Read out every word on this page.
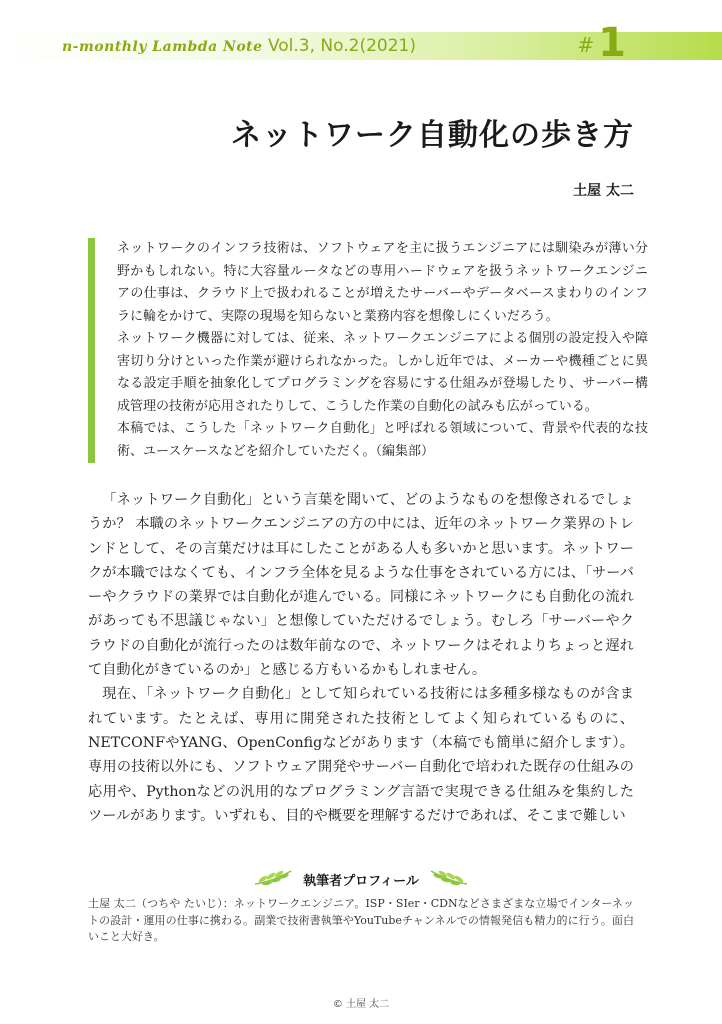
n-monthly Lambda Note Vol.3, No.2(2021)	# 1
ネットワーク自動化の歩き方
土屋 太二

ネットワークのインフラ技術は、ソフトウェアを主に扱うエンジニアには馴染みが薄い分野かもしれない。特に大容量ルータなどの専用ハードウェアを扱うネットワークエンジニアの仕事は、クラウド上で扱われることが増えたサーバーやデータベースまわりのインフラに輪をかけて、実際の現場を知らないと業務内容を想像しにくいだろう。

ネットワーク機器に対しては、従来、ネットワークエンジニアによる個別の設定投入や障害切り分けといった作業が避けられなかった。しかし近年では、メーカーや機種ごとに異なる設定手順を抽象化してプログラミングを容易にする仕組みが登場したり、サーバー構成管理の技術が応用されたりして、こうした作業の自動化の試みも広がっている。

本稿では、こうした「ネットワーク自動化」と呼ばれる領域について、背景や代表的な技術、ユースケースなどを紹介していただく。（編集部）

「ネットワーク自動化」という言葉を聞いて、どのようなものを想像されるでしょうか？ 本職のネットワークエンジニアの方の中には、近年のネットワーク業界のトレンドとして、その言葉だけは耳にしたことがある人も多いかと思います。ネットワークが本職ではなくても、インフラ全体を見るような仕事をされている方には、「サーバーやクラウドの業界では自動化が進んでいる。同様にネットワークにも自動化の流れがあっても不思議じゃない」と想像していただけるでしょう。むしろ「サーバーやクラウドの自動化が流行ったのは数年前なので、ネットワークはそれよりちょっと遅れて自動化がきているのか」と感じる方もいるかもしれません。

現在、「ネットワーク自動化」として知られている技術には多種多様なものが含まれています。たとえば、専用に開発された技術としてよく知られているものに、NETCONFやYANG、OpenConfigなどがあります（本稿でも簡単に紹介します）。専用の技術以外にも、ソフトウェア開発やサーバー自動化で培われた既存の仕組みの応用や、Pythonなどの汎用的なプログラミング言語で実現できる仕組みを集約したツールがあります。いずれも、目的や概要を理解するだけであれば、そこまで難しい

執筆者プロフィール
土屋 太二（つちや たいじ）：ネットワークエンジニア。ISP・SIer・CDNなどさまざまな立場でインターネットの設計・運用の仕事に携わる。副業で技術書執筆やYouTubeチャンネルでの情報発信も精力的に行う。面白いこと大好き。
© 土屋 太二
